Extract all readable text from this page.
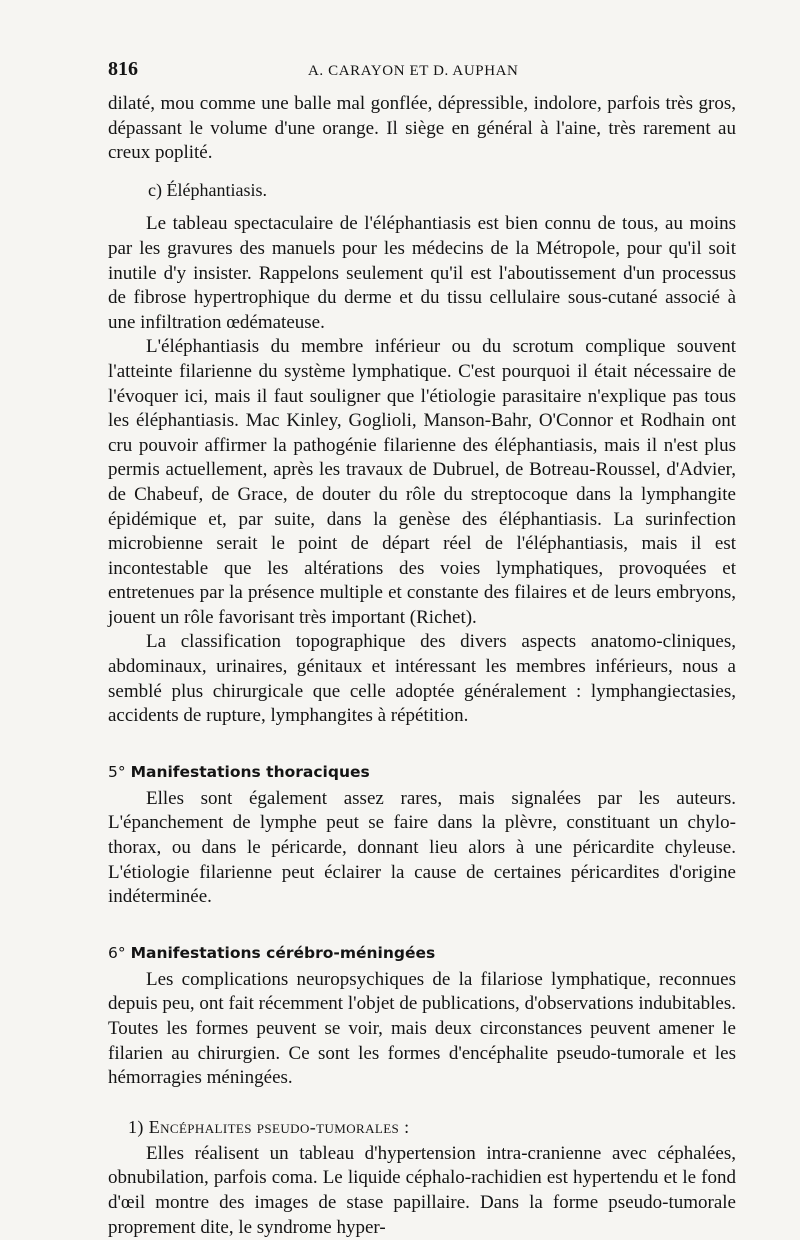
816	A. CARAYON ET D. AUPHAN

dilaté, mou comme une balle mal gonflée, dépressible, indolore, parfois très gros, dépassant le volume d'une orange. Il siège en général à l'aine, très rarement au creux poplité.

c) Éléphantiasis.

Le tableau spectaculaire de l'éléphantiasis est bien connu de tous, au moins par les gravures des manuels pour les médecins de la Métropole, pour qu'il soit inutile d'y insister. Rappelons seulement qu'il est l'aboutissement d'un processus de fibrose hypertrophique du derme et du tissu cellulaire sous-cutané associé à une infiltration œdémateuse.

L'éléphantiasis du membre inférieur ou du scrotum complique souvent l'atteinte filarienne du système lymphatique. C'est pourquoi il était nécessaire de l'évoquer ici, mais il faut souligner que l'étiologie parasitaire n'explique pas tous les éléphantiasis. Mac Kinley, Goglioli, Manson-Bahr, O'Connor et Rodhain ont cru pouvoir affirmer la pathogénie filarienne des éléphantiasis, mais il n'est plus permis actuellement, après les travaux de Dubruel, de Botreau-Roussel, d'Advier, de Chabeuf, de Grace, de douter du rôle du streptocoque dans la lymphangite épidémique et, par suite, dans la genèse des éléphantiasis. La surinfection microbienne serait le point de départ réel de l'éléphantiasis, mais il est incontestable que les altérations des voies lymphatiques, provoquées et entretenues par la présence multiple et constante des filaires et de leurs embryons, jouent un rôle favorisant très important (Richet).

La classification topographique des divers aspects anatomo-cliniques, abdominaux, urinaires, génitaux et intéressant les membres inférieurs, nous a semblé plus chirurgicale que celle adoptée généralement : lymphangiectasies, accidents de rupture, lymphangites à répétition.

5° Manifestations thoraciques

Elles sont également assez rares, mais signalées par les auteurs. L'épanchement de lymphe peut se faire dans la plèvre, constituant un chylo-thorax, ou dans le péricarde, donnant lieu alors à une péricardite chyleuse. L'étiologie filarienne peut éclairer la cause de certaines péricardites d'origine indéterminée.

6° Manifestations cérébro-méningées

Les complications neuropsychiques de la filariose lymphatique, reconnues depuis peu, ont fait récemment l'objet de publications, d'observations indubitables. Toutes les formes peuvent se voir, mais deux circonstances peuvent amener le filarien au chirurgien. Ce sont les formes d'encéphalite pseudo-tumorale et les hémorragies méningées.

1) Encéphalites pseudo-tumorales :

Elles réalisent un tableau d'hypertension intra-cranienne avec céphalées, obnubilation, parfois coma. Le liquide céphalo-rachidien est hypertendu et le fond d'œil montre des images de stase papillaire. Dans la forme pseudo-tumorale proprement dite, le syndrome hyper-
